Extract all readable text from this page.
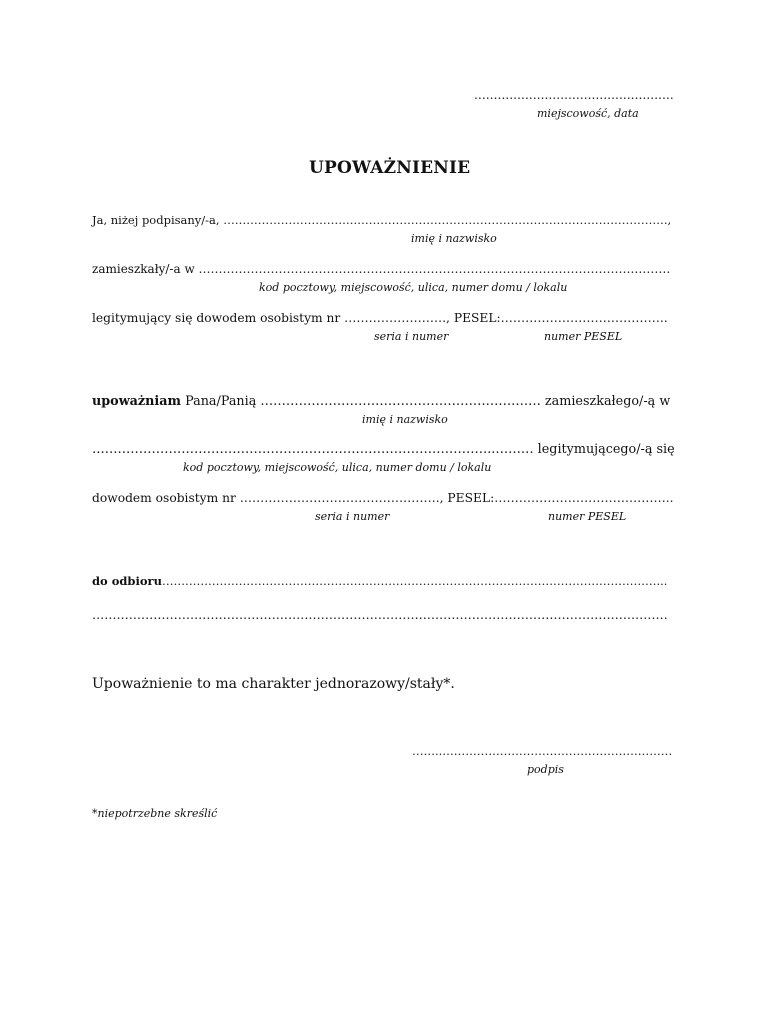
……………………………………………
miejscowość, data
UPOWAŻNIENIE
Ja, niżej podpisany/-a, …………………………….……………………………………………………………………….,
imię i nazwisko
zamieszkały/-a w ……………………………………………………………………………………………….………
kod pocztowy, miejscowość, ulica, numer domu / lokalu
legitymujący się dowodem osobistym nr ……………………., PESEL:…………………………………..
seria i numer	numer PESEL
upoważniam Pana/Panią ………………………………………………………… zamieszkałego/-ą w
imię i nazwisko
…………………………………………………………………………………..……… legitymującego/-ą się
kod pocztowy, miejscowość, ulica, numer domu / lokalu
dowodem osobistym nr …………………………………………., PESEL:……………………………………..
seria i numer	numer PESEL
do odbioru…………………………………………………………………………………………………………………...
……………………………………………………………………………………………………………………………
Upoważnienie to ma charakter jednorazowy/stały*.
……..……………………………………………………
podpis
*niepotrzebne skreślić
